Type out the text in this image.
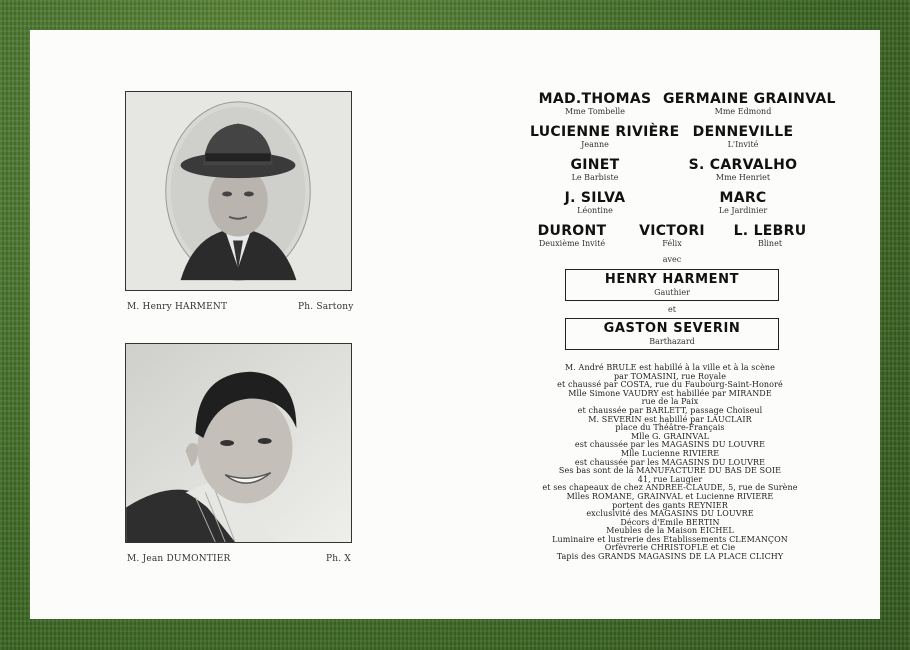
M. Henry HARMENT	Ph. Sartony
M. Jean DUMONTIER	Ph. X
MAD.THOMAS
Mme Tombelle
GERMAINE GRAINVAL
Mme Edmond
LUCIENNE RIVIÈRE
Jeanne
DENNEVILLE
L'Invité
GINET
Le Barbiste
S. CARVALHO
Mme Henriet
J. SILVA
Léontine
MARC
Le Jardinier
DURONT
Deuxième Invité
VICTORI
Félix
L. LEBRU
Blinet
avec
HENRY HARMENT
Gauthier
et
GASTON SEVERIN
Barthazard
M. André BRULE est habillé à la ville et à la scène
par TOMASINI, rue Royale
et chaussé par COSTA, rue du Faubourg-Saint-Honoré
Mlle Simone VAUDRY est habillée par MIRANDE
rue de la Paix
et chaussée par BARLETT, passage Choiseul
M. SEVERIN est habillé par LAUCLAIR
place du Théâtre-Français
Mlle G. GRAINVAL
est chaussée par les MAGASINS DU LOUVRE
Mlle Lucienne RIVIERE
est chaussée par les MAGASINS DU LOUVRE
Ses bas sont de la MANUFACTURE DU BAS DE SOIE
41, rue Laugier
et ses chapeaux de chez ANDREE-CLAUDE, 5, rue de Surène
Mlles ROMANE, GRAINVAL et Lucienne RIVIERE
portent des gants REYNIER
exclusivité des MAGASINS DU LOUVRE
Décors d'Emile BERTIN
Meubles de la Maison EICHEL
Luminaire et lustrerie des Etablissements CLEMANÇON
Orfèvrerie CHRISTOFLE et Cie
Tapis des GRANDS MAGASINS DE LA PLACE CLICHY
